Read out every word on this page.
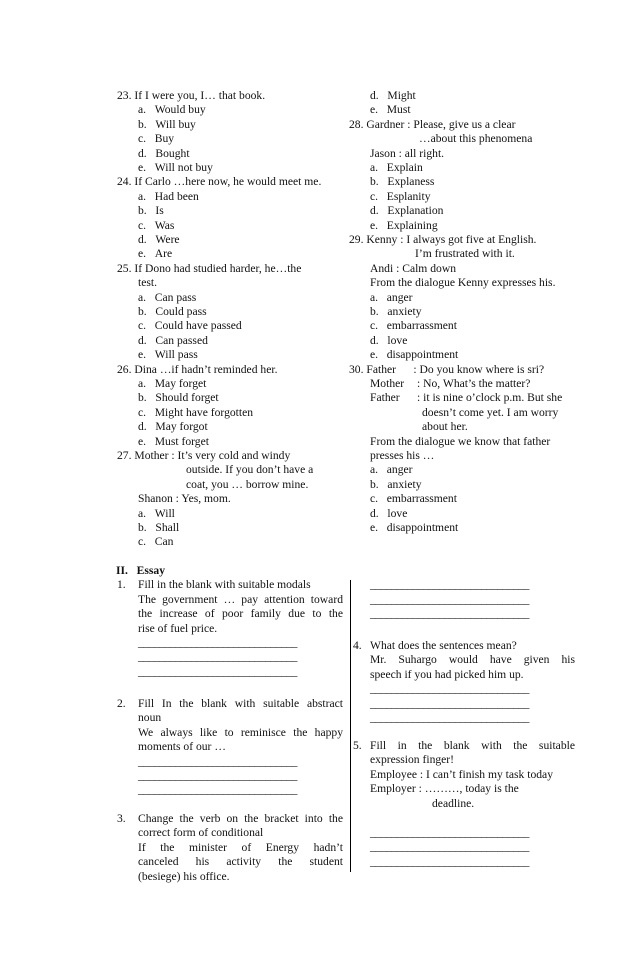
23. If I were you, I… that book.
a. Would buy
b. Will buy
c. Buy
d. Bought
e. Will not buy
24. If Carlo …here now, he would meet me.
a. Had been
b. Is
c. Was
d. Were
e. Are
25. If Dono had studied harder, he…the
test.
a. Can pass
b. Could pass
c. Could have passed
d. Can passed
e. Will pass
26. Dina …if hadn’t reminded her.
a. May forget
b. Should forget
c. Might have forgotten
d. May forgot
e. Must forget
27. Mother : It’s very cold and windy
outside. If you don’t have a
coat, you … borrow mine.
Shanon : Yes, mom.
a. Will
b. Shall
c. Can
d. Might
e. Must
28. Gardner : Please, give us a clear
…about this phenomena
Jason : all right.
a. Explain
b. Explaness
c. Esplanity
d. Explanation
e. Explaining
29. Kenny : I always got five at English.
I’m frustrated with it.
Andi : Calm down
From the dialogue Kenny expresses his.
a. anger
b. anxiety
c. embarrassment
d. love
e. disappointment
30. Father : Do you know where is sri?
Mother : No, What’s the matter?
Father : it is nine o’clock p.m. But she
doesn’t come yet. I am worry
about her.
From the dialogue we know that father
presses his …
a. anger
b. anxiety
c. embarrassment
d. love
e. disappointment
II. Essay
1. Fill in the blank with suitable modals
The government … pay attention toward
the increase of poor family due to the
rise of fuel price.
______________________________
______________________________
______________________________
2. Fill In the blank with suitable abstract
noun
We always like to reminisce the happy
moments of our …
______________________________
______________________________
______________________________
3. Change the verb on the bracket into the
correct form of conditional
If the minister of Energy hadn’t
canceled his activity the student
(besiege) his office.
______________________________
______________________________
______________________________
4. What does the sentences mean?
Mr. Suhargo would have given his
speech if you had picked him up.
______________________________
______________________________
______________________________
5. Fill in the blank with the suitable
expression finger!
Employee : I can’t finish my task today
Employer : ………, today is the
deadline.
______________________________
______________________________
______________________________
